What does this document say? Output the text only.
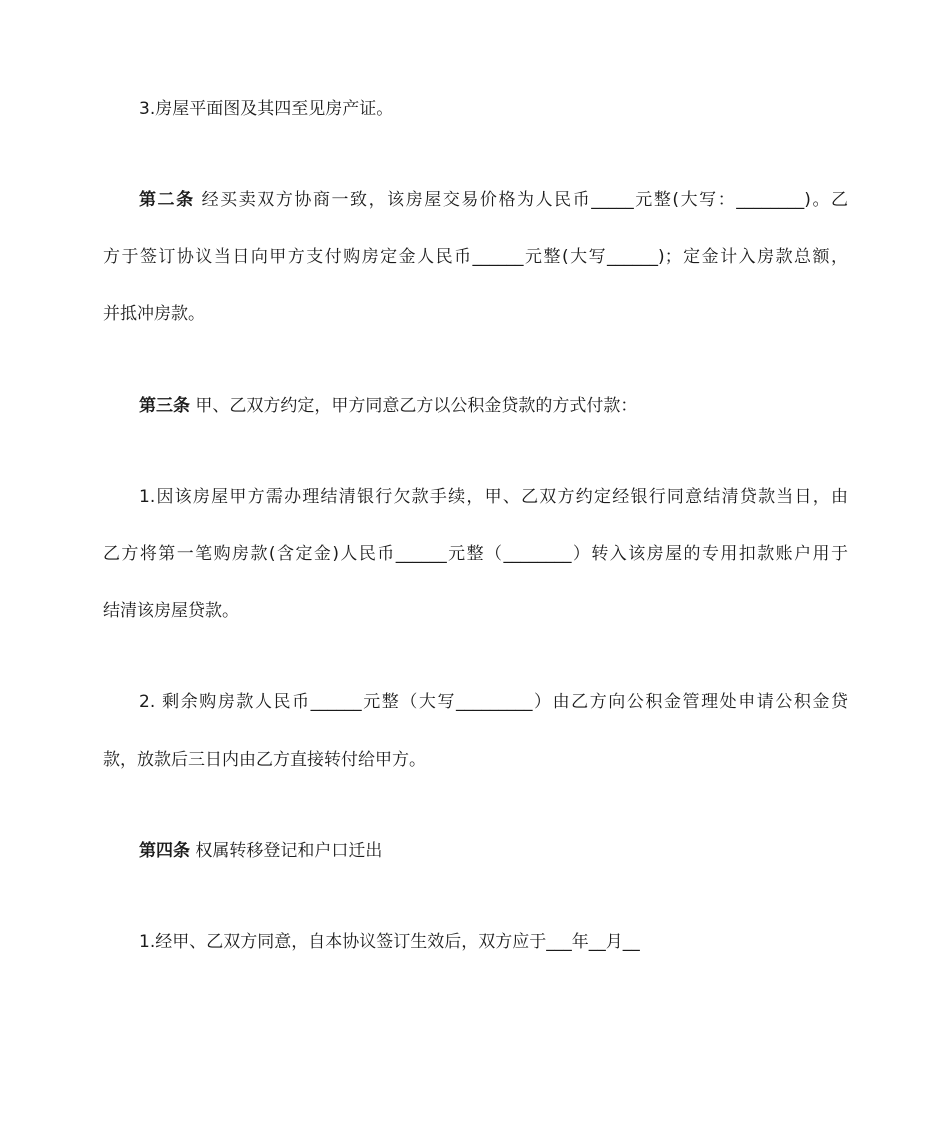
3.房屋平面图及其四至见房产证。
第二条 经买卖双方协商一致，该房屋交易价格为人民币_____元整(大写：________)。乙
方于签订协议当日向甲方支付购房定金人民币______元整(大写______)；定金计入房款总额，
并抵冲房款。
第三条 甲、乙双方约定，甲方同意乙方以公积金贷款的方式付款：
1.因该房屋甲方需办理结清银行欠款手续，甲、乙双方约定经银行同意结清贷款当日，由
乙方将第一笔购房款(含定金)人民币______元整（________）转入该房屋的专用扣款账户用于
结清该房屋贷款。
2. 剩余购房款人民币______元整（大写_________）由乙方向公积金管理处申请公积金贷
款，放款后三日内由乙方直接转付给甲方。
第四条 权属转移登记和户口迁出
1.经甲、乙双方同意，自本协议签订生效后，双方应于___年__月__
